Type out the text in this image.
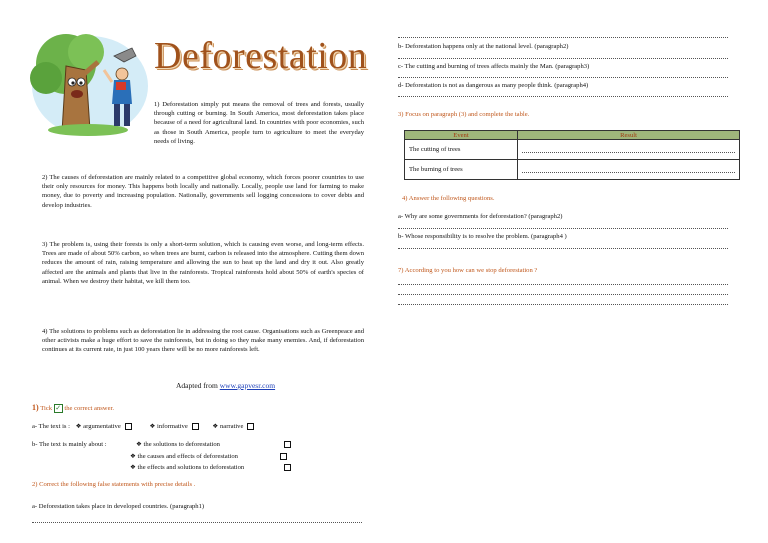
Deforestation
1) Deforestation simply put means the removal of trees and forests, usually through cutting or burning. In South America, most deforestation takes place because of a need for agricultural land. In countries with poor economies, such as those in South America, people turn to agriculture to meet the everyday needs of living.
2) The causes of deforestation are mainly related to a competitive global economy, which forces poorer countries to use their only resources for money. This happens both locally and nationally. Locally, people use land for farming to make money, due to poverty and increasing population. Nationally, governments sell logging concessions to cover debts and develop industries.
3) The problem is, using their forests is only a short-term solution, which is causing even worse, and long-term effects. Trees are made of about 50% carbon, so when trees are burnt, carbon is released into the atmosphere. Cutting them down reduces the amount of rain, raising temperature and allowing the sun to heat up the land and dry it out. Also greatly affected are the animals and plants that live in the rainforests. Tropical rainforests hold about 50% of earth's species of animal. When we destroy their habitat, we kill them too.
4) The solutions to problems such as deforestation lie in addressing the root cause. Organisations such as Greenpeace and other activists make a huge effort to save the rainforests, but in doing so they make many enemies. And, if deforestation continues at its current rate, in just 100 years there will be no more rainforests left.
Adapted from www.gapvesr.com
1) Tick ✓ the correct answer.
a- The text is : ❖ argumentative	❖ informative	❖ narrative
b- The text is mainly about :	❖ the solutions to deforestation
❖ the causes and effects of deforestation
❖ the effects and solutions to deforestation
2) Correct the following false statements with precise details .
a- Deforestation takes place in developed countries. (paragraph1)
b- Deforestation happens only at the national level. (paragraph2)
c- The cutting and burning of trees affects mainly the Man. (paragraph3)
d- Deforestation is not as dangerous as many people think. (paragraph4)
3) Focus on paragraph (3) and complete the table.
Event	Result
The cutting of trees	

The burning of trees	
4) Answer the following questions.
a- Why are some governments for deforestation? (paragraph2)
b- Whose responsibility is to resolve the problem. (paragraph4 )
7) According to you how can we stop deforestation ?
